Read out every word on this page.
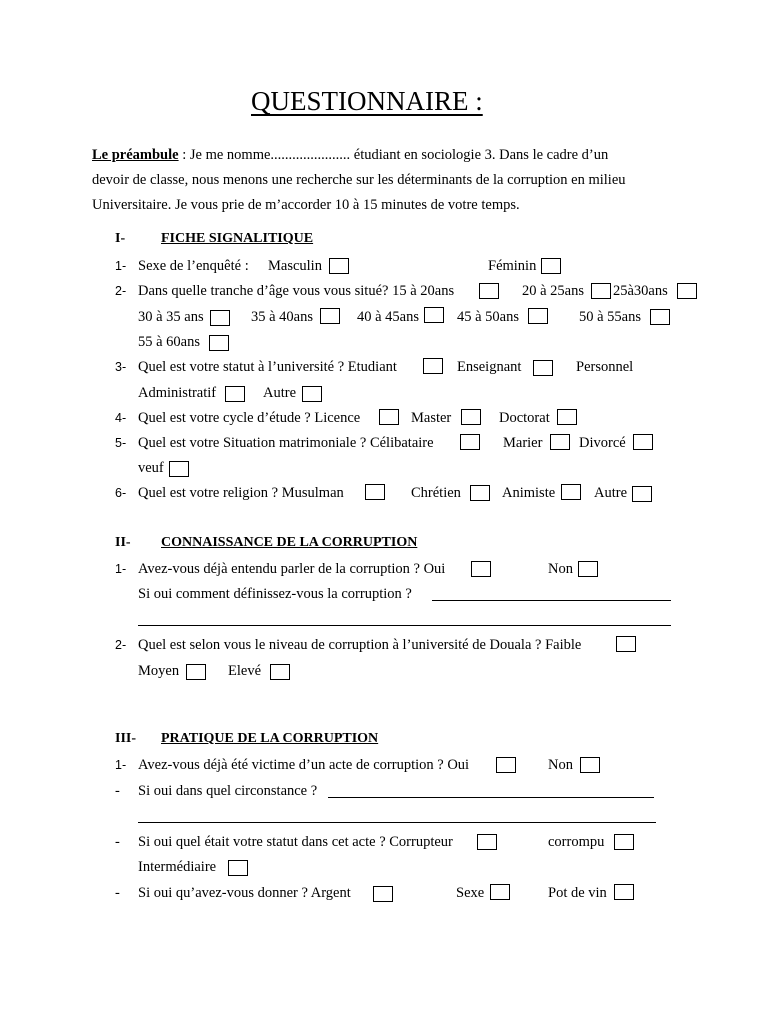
QUESTIONNAIRE :
Le préambule : Je me nomme...................... étudiant en sociologie 3. Dans le cadre d’un
devoir de classe, nous menons une recherche sur les déterminants de la corruption en milieu
Universitaire. Je vous prie de m’accorder 10 à 15 minutes de votre temps.
I-	FICHE SIGNALITIQUE
1- Sexe de l’enquêté : Masculin	Féminin
2- Dans quelle tranche d’âge vous vous situé? 15 à 20ans	20 à 25ans 25à30ans
30 à 35 ans	35 à 40ans	40 à 45ans	45 à 50ans	50 à 55ans
55 à 60ans
3- Quel est votre statut à l’université ? Etudiant	Enseignant	Personnel
Administratif	Autre
4- Quel est votre cycle d’étude ? Licence	Master	Doctorat
5- Quel est votre Situation matrimoniale ? Célibataire	Marier	Divorcé
veuf
6- Quel est votre religion ? Musulman	Chrétien	Animiste	Autre
II- CONNAISSANCE DE LA CORRUPTION
1- Avez-vous déjà entendu parler de la corruption ? Oui	Non
Si oui comment définissez-vous la corruption ?
2- Quel est selon vous le niveau de corruption à l’université de Douala ? Faible
Moyen	Elevé
III- PRATIQUE DE LA CORRUPTION
1- Avez-vous déjà été victime d’un acte de corruption ? Oui	Non
- Si oui dans quel circonstance ?
- Si oui quel était votre statut dans cet acte ? Corrupteur	corrompu
Intermédiaire
- Si oui qu’avez-vous donner ? Argent	Sexe	Pot de vin
